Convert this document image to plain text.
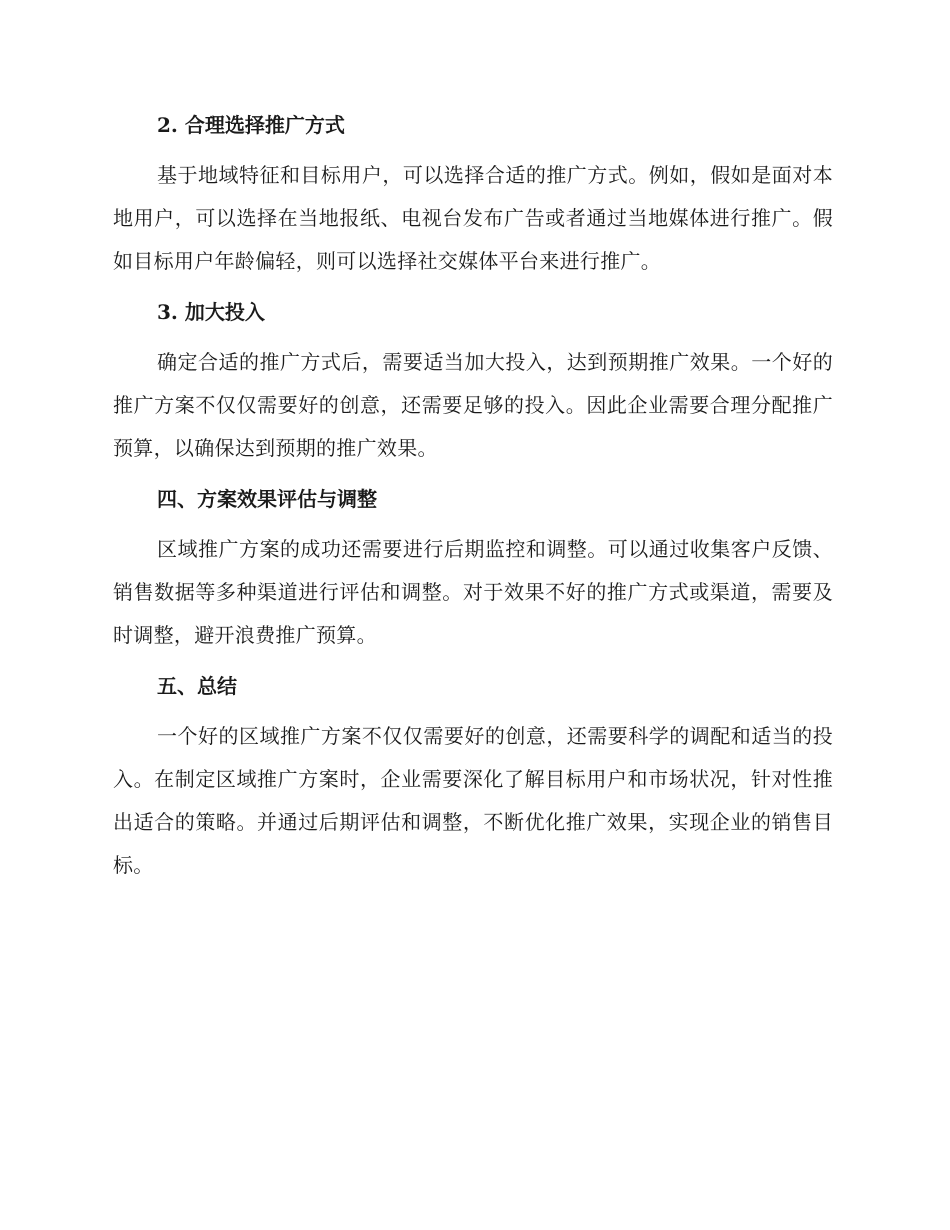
2. 合理选择推广方式

基于地域特征和目标用户，可以选择合适的推广方式。例如，假如是面对本地用户，可以选择在当地报纸、电视台发布广告或者通过当地媒体进行推广。假如目标用户年龄偏轻，则可以选择社交媒体平台来进行推广。

3. 加大投入

确定合适的推广方式后，需要适当加大投入，达到预期推广效果。一个好的推广方案不仅仅需要好的创意，还需要足够的投入。因此企业需要合理分配推广预算，以确保达到预期的推广效果。

四、方案效果评估与调整

区域推广方案的成功还需要进行后期监控和调整。可以通过收集客户反馈、销售数据等多种渠道进行评估和调整。对于效果不好的推广方式或渠道，需要及时调整，避开浪费推广预算。

五、总结

一个好的区域推广方案不仅仅需要好的创意，还需要科学的调配和适当的投入。在制定区域推广方案时，企业需要深化了解目标用户和市场状况，针对性推出适合的策略。并通过后期评估和调整，不断优化推广效果，实现企业的销售目标。
